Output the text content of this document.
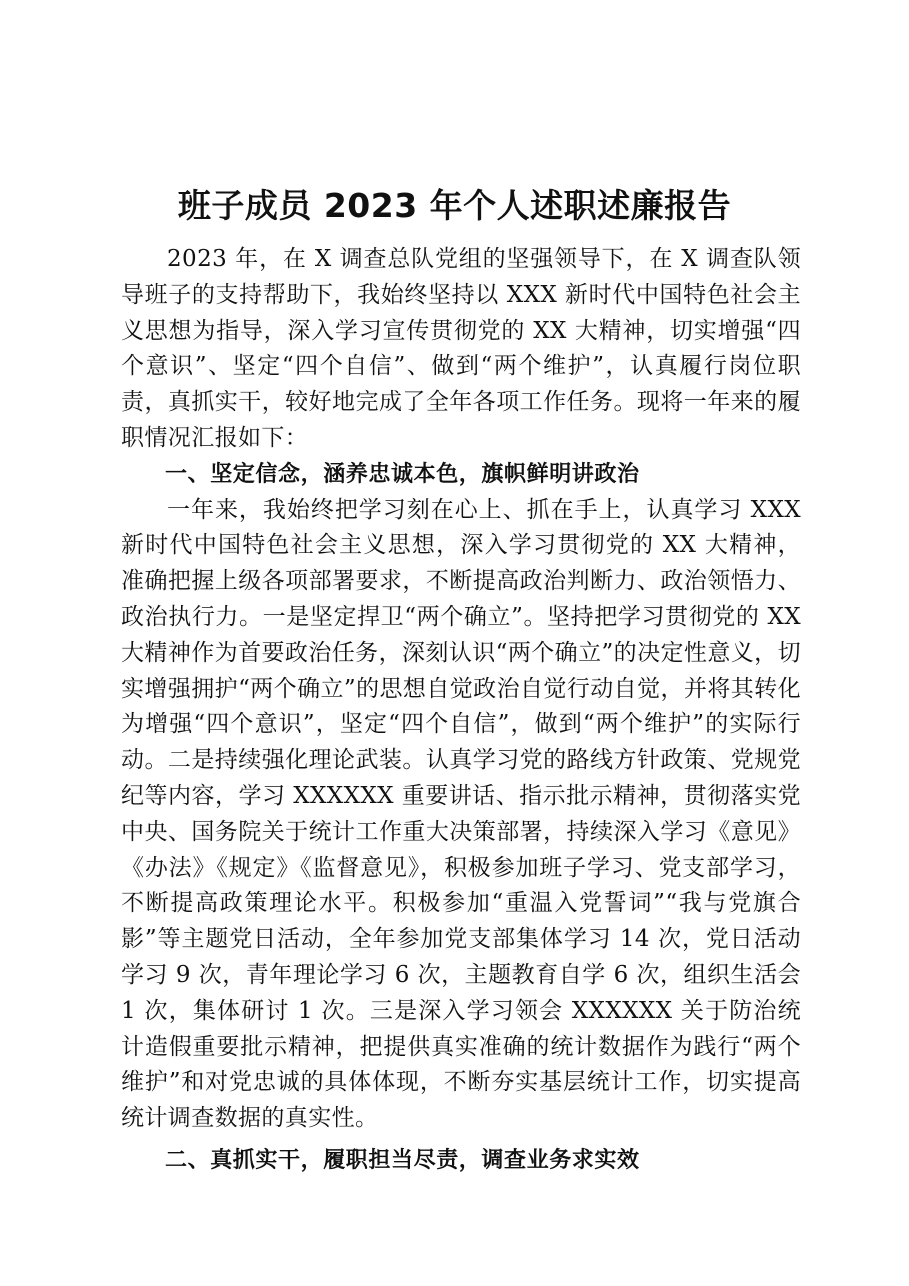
班子成员 2023 年个人述职述廉报告

2023 年，在 X 调查总队党组的坚强领导下，在 X 调查队领导班子的支持帮助下，我始终坚持以 XXX 新时代中国特色社会主义思想为指导，深入学习宣传贯彻党的 XX 大精神，切实增强“四个意识”、坚定“四个自信”、做到“两个维护”，认真履行岗位职责，真抓实干，较好地完成了全年各项工作任务。现将一年来的履职情况汇报如下：

一、坚定信念，涵养忠诚本色，旗帜鲜明讲政治

一年来，我始终把学习刻在心上、抓在手上，认真学习 XXX 新时代中国特色社会主义思想，深入学习贯彻党的 XX 大精神，准确把握上级各项部署要求，不断提高政治判断力、政治领悟力、政治执行力。一是坚定捍卫“两个确立”。坚持把学习贯彻党的 XX 大精神作为首要政治任务，深刻认识“两个确立”的决定性意义，切实增强拥护“两个确立”的思想自觉政治自觉行动自觉，并将其转化为增强“四个意识”，坚定“四个自信”，做到“两个维护”的实际行动。二是持续强化理论武装。认真学习党的路线方针政策、党规党纪等内容，学习 XXXXXX 重要讲话、指示批示精神，贯彻落实党中央、国务院关于统计工作重大决策部署，持续深入学习《意见》《办法》《规定》《监督意见》，积极参加班子学习、党支部学习，不断提高政策理论水平。积极参加“重温入党誓词”“我与党旗合影”等主题党日活动，全年参加党支部集体学习 14 次，党日活动学习 9 次，青年理论学习 6 次，主题教育自学 6 次，组织生活会 1 次，集体研讨 1 次。三是深入学习领会 XXXXXX 关于防治统计造假重要批示精神，把提供真实准确的统计数据作为践行“两个维护”和对党忠诚的具体体现，不断夯实基层统计工作，切实提高统计调查数据的真实性。

二、真抓实干，履职担当尽责，调查业务求实效
